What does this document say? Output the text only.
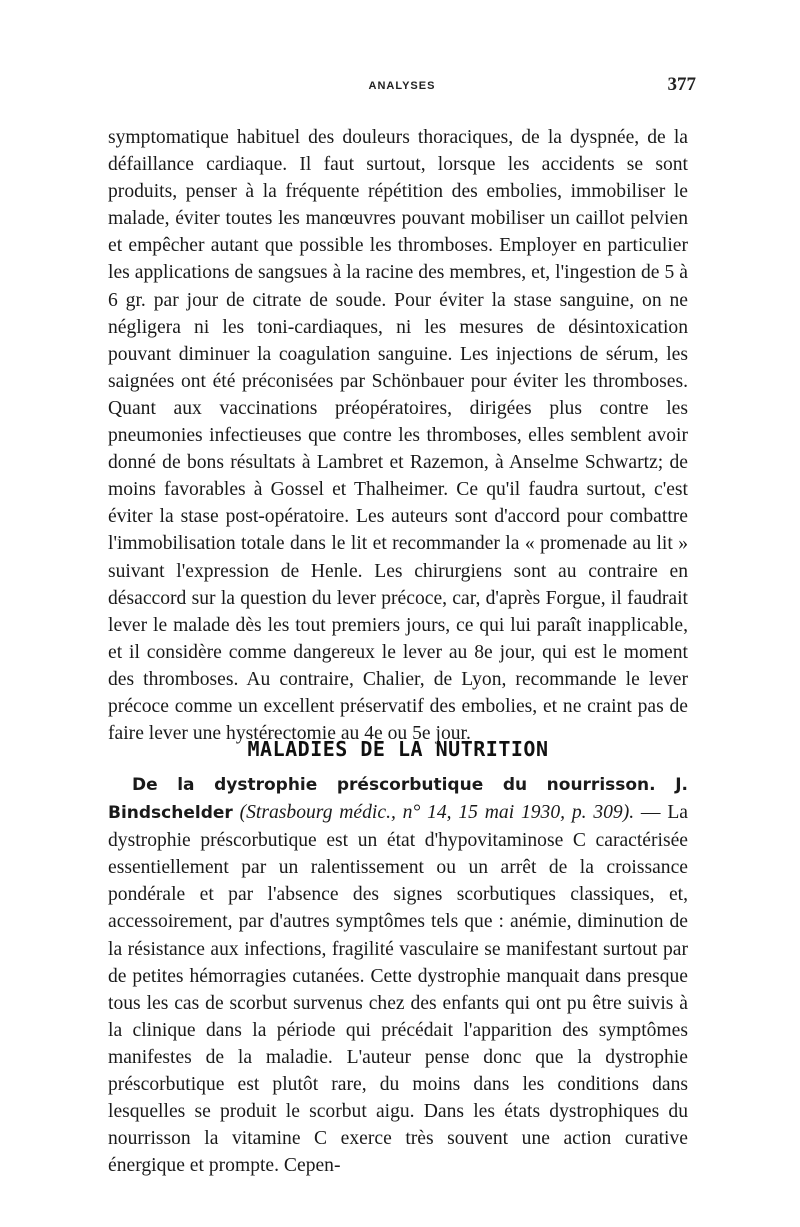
ANALYSES	377
symptomatique habituel des douleurs thoraciques, de la dyspnée, de la défaillance cardiaque. Il faut surtout, lorsque les accidents se sont produits, penser à la fréquente répétition des embolies, immobiliser le malade, éviter toutes les manœuvres pouvant mobiliser un caillot pelvien et empêcher autant que possible les thromboses. Employer en particulier les applications de sangsues à la racine des membres, et, l'ingestion de 5 à 6 gr. par jour de citrate de soude. Pour éviter la stase sanguine, on ne négligera ni les toni-cardiaques, ni les mesures de désintoxication pouvant diminuer la coagulation sanguine. Les injections de sérum, les saignées ont été préconisées par Schönbauer pour éviter les thromboses. Quant aux vaccinations préopératoires, dirigées plus contre les pneumonies infectieuses que contre les thromboses, elles semblent avoir donné de bons résultats à Lambret et Razemon, à Anselme Schwartz; de moins favorables à Gossel et Thalheimer. Ce qu'il faudra surtout, c'est éviter la stase post-opératoire. Les auteurs sont d'accord pour combattre l'immobilisation totale dans le lit et recommander la « promenade au lit » suivant l'expression de Henle. Les chirurgiens sont au contraire en désaccord sur la question du lever précoce, car, d'après Forgue, il faudrait lever le malade dès les tout premiers jours, ce qui lui paraît inapplicable, et il considère comme dangereux le lever au 8e jour, qui est le moment des thromboses. Au contraire, Chalier, de Lyon, recommande le lever précoce comme un excellent préservatif des embolies, et ne craint pas de faire lever une hystérectomie au 4e ou 5e jour.
MALADIES DE LA NUTRITION
De la dystrophie préscorbutique du nourrisson. J. Bindschelder (Strasbourg médic., n° 14, 15 mai 1930, p. 309). — La dystrophie préscorbutique est un état d'hypovitaminose C caractérisée essentiellement par un ralentissement ou un arrêt de la croissance pondérale et par l'absence des signes scorbutiques classiques, et, accessoirement, par d'autres symptômes tels que : anémie, diminution de la résistance aux infections, fragilité vasculaire se manifestant surtout par de petites hémorragies cutanées. Cette dystrophie manquait dans presque tous les cas de scorbut survenus chez des enfants qui ont pu être suivis à la clinique dans la période qui précédait l'apparition des symptômes manifestes de la maladie. L'auteur pense donc que la dystrophie préscorbutique est plutôt rare, du moins dans les conditions dans lesquelles se produit le scorbut aigu. Dans les états dystrophiques du nourrisson la vitamine C exerce très souvent une action curative énergique et prompte. Cepen-
